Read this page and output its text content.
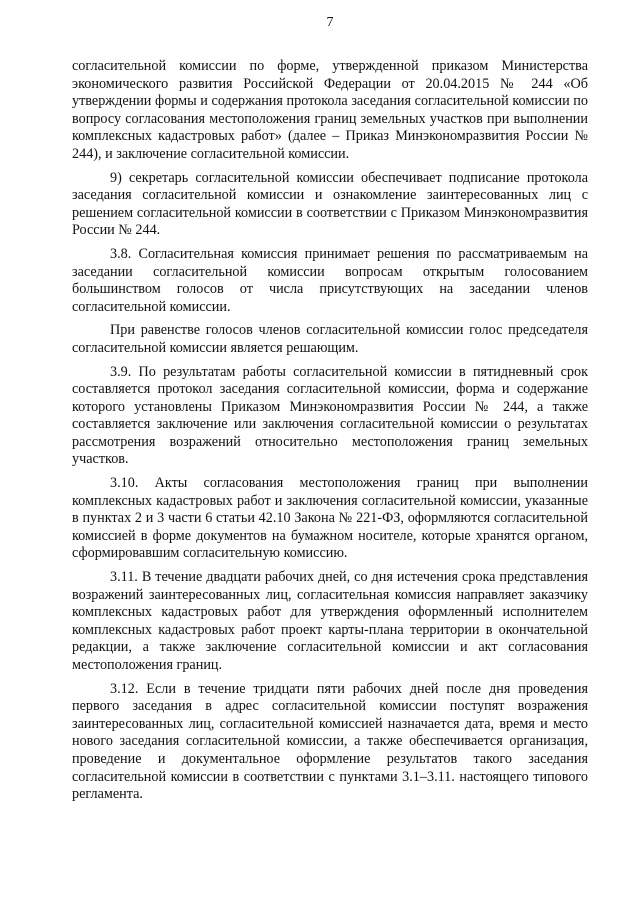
7

согласительной комиссии по форме, утвержденной приказом Министерства экономического развития Российской Федерации от 20.04.2015 № 244 «Об утверждении формы и содержания протокола заседания согласительной комиссии по вопросу согласования местоположения границ земельных участков при выполнении комплексных кадастровых работ» (далее – Приказ Минэкономразвития России № 244), и заключение согласительной комиссии.

9) секретарь согласительной комиссии обеспечивает подписание протокола заседания согласительной комиссии и ознакомление заинтересованных лиц с решением согласительной комиссии в соответствии с Приказом Минэкономразвития России № 244.

3.8. Согласительная комиссия принимает решения по рассматриваемым на заседании согласительной комиссии вопросам открытым голосованием большинством голосов от числа присутствующих на заседании членов согласительной комиссии.

При равенстве голосов членов согласительной комиссии голос председателя согласительной комиссии является решающим.

3.9. По результатам работы согласительной комиссии в пятидневный срок составляется протокол заседания согласительной комиссии, форма и содержание которого установлены Приказом Минэкономразвития России № 244, а также составляется заключение или заключения согласительной комиссии о результатах рассмотрения возражений относительно местоположения границ земельных участков.

3.10. Акты согласования местоположения границ при выполнении комплексных кадастровых работ и заключения согласительной комиссии, указанные в пунктах 2 и 3 части 6 статьи 42.10 Закона № 221-ФЗ, оформляются согласительной комиссией в форме документов на бумажном носителе, которые хранятся органом, сформировавшим согласительную комиссию.

3.11. В течение двадцати рабочих дней, со дня истечения срока представления возражений заинтересованных лиц, согласительная комиссия направляет заказчику комплексных кадастровых работ для утверждения оформленный исполнителем комплексных кадастровых работ проект карты-плана территории в окончательной редакции, а также заключение согласительной комиссии и акт согласования местоположения границ.

3.12. Если в течение тридцати пяти рабочих дней после дня проведения первого заседания в адрес согласительной комиссии поступят возражения заинтересованных лиц, согласительной комиссией назначается дата, время и место нового заседания согласительной комиссии, а также обеспечивается организация, проведение и документальное оформление результатов такого заседания согласительной комиссии в соответствии с пунктами 3.1–3.11. настоящего типового регламента.
